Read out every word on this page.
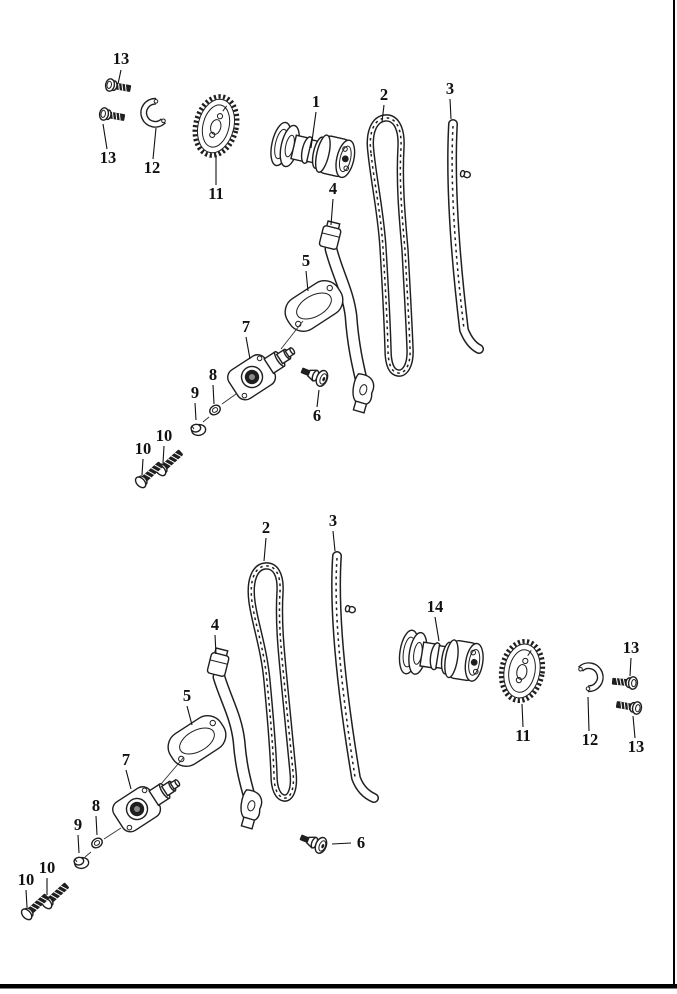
13
13
12
11
1	2	3
4
5
7
6
8
9
10
10
2	3
4
5
7
8
9
10
10
6
14
11	12
13
13
